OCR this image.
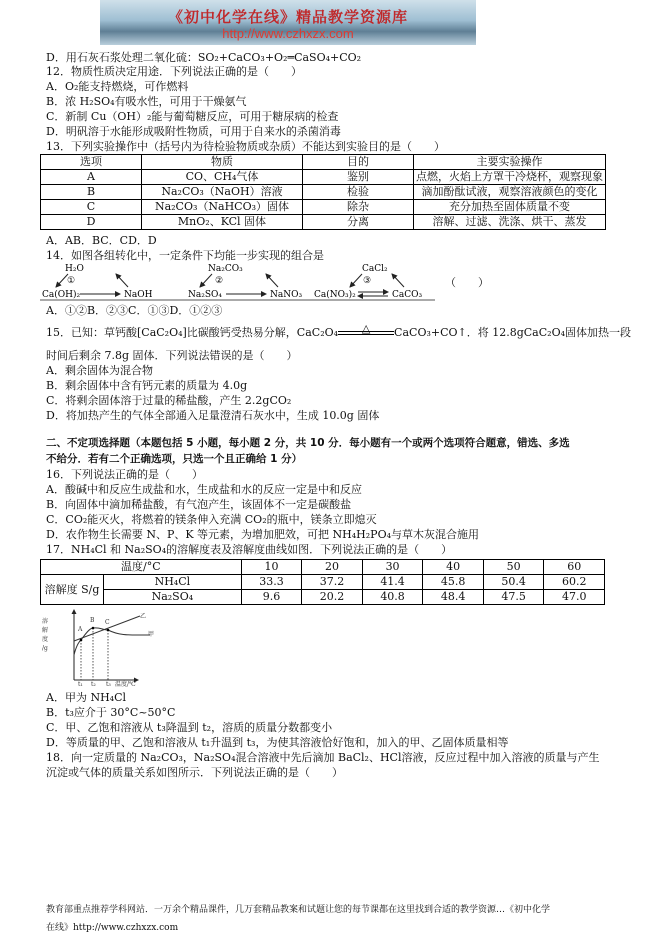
《初中化学在线》精品教学资源库
http://www.czhxzx.com
D．用石灰石浆处理二氧化硫：SO₂+CaCO₃+O₂═CaSO₄+CO₂
12．物质性质决定用途．下列说法正确的是（　　）
A．O₂能支持燃烧，可作燃料
B．浓 H₂SO₄有吸水性，可用于干燥氨气
C．新制 Cu（OH）₂能与葡萄糖反应，可用于糖尿病的检查
D．明矾溶于水能形成吸附性物质，可用于自来水的杀菌消毒
13．下列实验操作中（括号内为待检验物质或杂质）不能达到实验目的是（　　）
选项	物质	目的	主要实验操作
A	CO、CH₄气体	鉴别	点燃，火焰上方罩干冷烧杯，观察现象
B	Na₂CO₃（NaOH）溶液	检验	滴加酚酞试液，观察溶液颜色的变化
C	Na₂CO₃（NaHCO₃）固体	除杂	充分加热至固体质量不变
D	MnO₂、KCl 固体	分离	溶解、过滤、洗涤、烘干、蒸发
A．AB．BC．CD．D
14．如图各组转化中，一定条件下均能一步实现的组合是
H₂O
①
Ca(OH)₂	NaOH
Na₂CO₃
②
Na₂SO₄	NaNO₃
CaCl₂
③
Ca(NO₃)₂	CaCO₃
（　　）
A．①②B．②③C．①③D．①②③
15．已知：草钙酸[CaC₂O₄]比碳酸钙受热易分解，CaC₂O₄	△	CaCO₃+CO↑．将 12.8gCaC₂O₄固体加热一段
时间后剩余 7.8g 固体．下列说法错误的是（　　）
A．剩余固体为混合物
B．剩余固体中含有钙元素的质量为 4.0g
C．将剩余固体溶于过量的稀盐酸，产生 2.2gCO₂
D．将加热产生的气体全部通入足量澄清石灰水中，生成 10.0g 固体
二、不定项选择题（本题包括 5 小题，每小题 2 分，共 10 分．每小题有一个或两个选项符合题意，错选、多选
不给分．若有二个正确选项，只选一个且正确给 1 分）
16．下列说法正确的是（　　）
A．酸碱中和反应生成盐和水，生成盐和水的反应一定是中和反应
B．向固体中滴加稀盐酸，有气泡产生，该固体不一定是碳酸盐
C．CO₂能灭火，将燃着的镁条伸入充满 CO₂的瓶中，镁条立即熄灭
D．农作物生长需要 N、P、K 等元素，为增加肥效，可把 NH₄H₂PO₄与草木灰混合施用
17．NH₄Cl 和 Na₂SO₄的溶解度表及溶解度曲线如图．下列说法正确的是（　　）
温度/°C		10	20	30	40	50	60
溶解度 S/g	NH₄Cl	33.3	37.2	41.4	45.8	50.4	60.2
	Na₂SO₄	9.6	20.2	40.8	48.4	47.5	47.0
溶
解
度
/g
温度/℃
A
B C
乙
甲
t₁ t₂ t₃
A．甲为 NH₄Cl
B．t₃应介于 30°C~50°C
C．甲、乙饱和溶液从 t₃降温到 t₂，溶质的质量分数都变小
D．等质量的甲、乙饱和溶液从 t₁升温到 t₃，为使其溶液恰好饱和，加入的甲、乙固体质量相等
18．向一定质量的 Na₂CO₃，Na₂SO₄混合溶液中先后滴加 BaCl₂、HCl溶液，反应过程中加入溶液的质量与产生
沉淀或气体的质量关系如图所示．下列说法正确的是（　　）
教育部重点推荐学科网站．一万余个精品课件，几万套精品教案和试题让您的每节课都在这里找到合适的教学资源…《初中化学
在线》http://www.czhxzx.com
